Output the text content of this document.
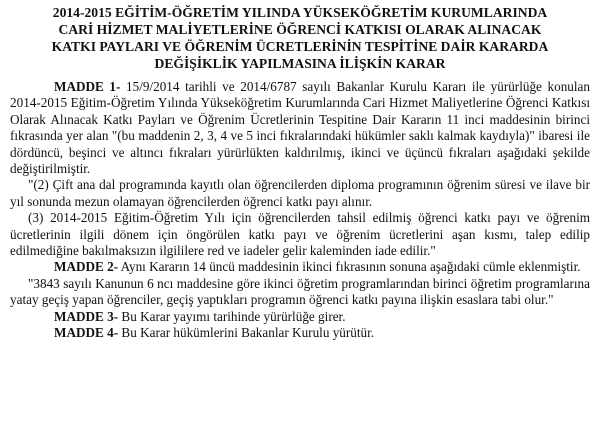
2014-2015 EĞİTİM-ÖĞRETİM YILINDA YÜKSEKÖĞRETİM KURUMLARINDA
CARİ HİZMET MALİYETLERİNE ÖĞRENCİ KATKISI OLARAK ALINACAK
KATKI PAYLARI VE ÖĞRENİM ÜCRETLERİNİN TESPİTİNE DAİR KARARDA
DEĞİŞİKLİK YAPILMASINA İLİŞKİN KARAR

MADDE 1- 15/9/2014 tarihli ve 2014/6787 sayılı Bakanlar Kurulu Kararı ile yürürlüğe konulan 2014-2015 Eğitim-Öğretim Yılında Yükseköğretim Kurumlarında Cari Hizmet Maliyetlerine Öğrenci Katkısı Olarak Alınacak Katkı Payları ve Öğrenim Ücretlerinin Tespitine Dair Kararın 11 inci maddesinin birinci fıkrasında yer alan "(bu maddenin 2, 3, 4 ve 5 inci fıkralarındaki hükümler saklı kalmak kaydıyla)" ibaresi ile dördüncü, beşinci ve altıncı fıkraları yürürlükten kaldırılmış, ikinci ve üçüncü fıkraları aşağıdaki şekilde değiştirilmiştir.

"(2) Çift ana dal programında kayıtlı olan öğrencilerden diploma programının öğrenim süresi ve ilave bir yıl sonunda mezun olamayan öğrencilerden öğrenci katkı payı alınır.

(3) 2014-2015 Eğitim-Öğretim Yılı için öğrencilerden tahsil edilmiş öğrenci katkı payı ve öğrenim ücretlerinin ilgili dönem için öngörülen katkı payı ve öğrenim ücretlerini aşan kısmı, talep edilip edilmediğine bakılmaksızın ilgililere red ve iadeler gelir kaleminden iade edilir."

MADDE 2- Aynı Kararın 14 üncü maddesinin ikinci fıkrasının sonuna aşağıdaki cümle eklenmiştir.

"3843 sayılı Kanunun 6 ncı maddesine göre ikinci öğretim programlarından birinci öğretim programlarına yatay geçiş yapan öğrenciler, geçiş yaptıkları programın öğrenci katkı payına ilişkin esaslara tabi olur."

MADDE 3- Bu Karar yayımı tarihinde yürürlüğe girer.

MADDE 4- Bu Karar hükümlerini Bakanlar Kurulu yürütür.
